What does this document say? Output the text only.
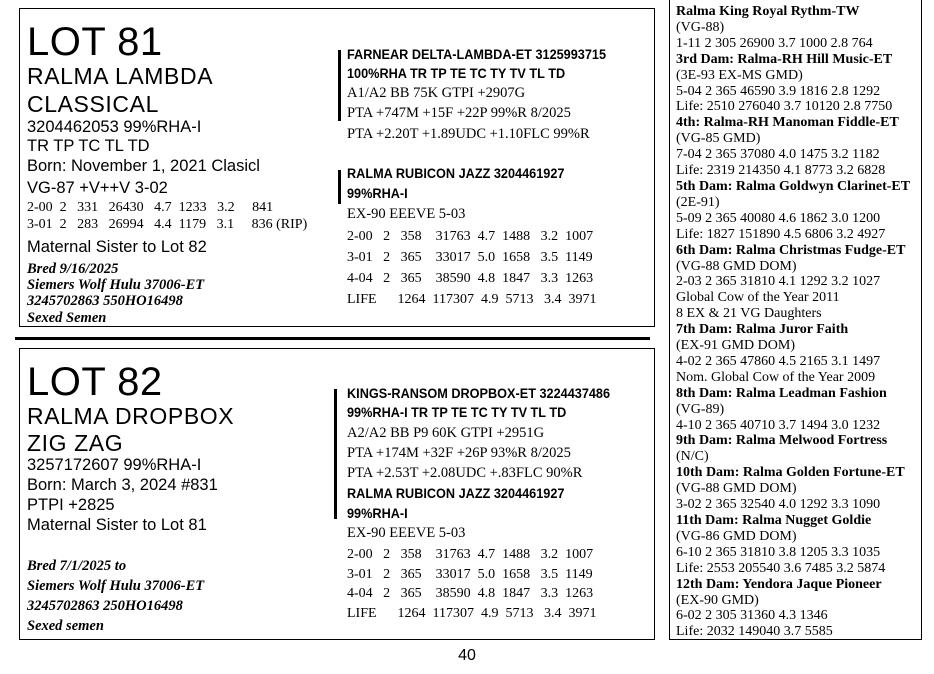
LOT 81
RALMA LAMBDA
CLASSICAL
3204462053 99%RHA-I
TR TP TC TL TD
Born: November 1, 2021 Clasicl
VG-87 +V++V 3-02
2-00  2   331   26430   4.7  1233   3.2     841
3-01  2   283   26994   4.4  1179   3.1     836 (RIP)
Maternal Sister to Lot 82
Bred 9/16/2025
Siemers Wolf Hulu 37006-ET
3245702863 550HO16498
Sexed Semen
FARNEAR DELTA-LAMBDA-ET 3125993715
100%RHA TR TP TE TC TY TV TL TD
A1/A2 BB 75K GTPI +2907G
PTA +747M +15F +22P 99%R 8/2025
PTA +2.20T +1.89UDC +1.10FLC 99%R
RALMA RUBICON JAZZ 3204461927
99%RHA-I
EX-90 EEEVE 5-03
2-00   2   358    31763  4.7  1488   3.2  1007
3-01   2   365    33017  5.0  1658   3.5  1149
4-04   2   365    38590  4.8  1847   3.3  1263
LIFE      1264  117307  4.9  5713   3.4  3971
LOT 82
RALMA DROPBOX
ZIG ZAG
3257172607 99%RHA-I
Born: March 3, 2024 #831
PTPI +2825
Maternal Sister to Lot 81
Bred 7/1/2025 to
Siemers Wolf Hulu 37006-ET
3245702863 250HO16498
Sexed semen
KINGS-RANSOM DROPBOX-ET 3224437486
99%RHA-I TR TP TE TC TY TV TL TD
A2/A2 BB P9 60K GTPI +2951G
PTA +174M +32F +26P 93%R 8/2025
PTA +2.53T +2.08UDC +.83FLC 90%R
RALMA RUBICON JAZZ 3204461927
99%RHA-I
EX-90 EEEVE 5-03
2-00   2   358    31763  4.7  1488   3.2  1007
3-01   2   365    33017  5.0  1658   3.5  1149
4-04   2   365    38590  4.8  1847   3.3  1263
LIFE      1264  117307  4.9  5713   3.4  3971
Ralma King Royal Rythm-TW
(VG-88)
1-11 2 305 26900 3.7 1000 2.8 764
3rd Dam: Ralma-RH Hill Music-ET
(3E-93 EX-MS GMD)
5-04 2 365 46590 3.9 1816 2.8 1292
Life: 2510 276040 3.7 10120 2.8 7750
4th: Ralma-RH Manoman Fiddle-ET
(VG-85 GMD)
7-04 2 365 37080 4.0 1475 3.2 1182
Life: 2319 214350 4.1 8773 3.2 6828
5th Dam: Ralma Goldwyn Clarinet-ET
(2E-91)
5-09 2 365 40080 4.6 1862 3.0 1200
Life: 1827 151890 4.5 6806 3.2 4927
6th Dam: Ralma Christmas Fudge-ET
(VG-88 GMD DOM)
2-03 2 365 31810 4.1 1292 3.2 1027
Global Cow of the Year 2011
8 EX & 21 VG Daughters
7th Dam: Ralma Juror Faith
(EX-91 GMD DOM)
4-02 2 365 47860 4.5 2165 3.1 1497
Nom. Global Cow of the Year 2009
8th Dam: Ralma Leadman Fashion
(VG-89)
4-10 2 365 40710 3.7 1494 3.0 1232
9th Dam: Ralma Melwood Fortress
(N/C)
10th Dam: Ralma Golden Fortune-ET
(VG-88 GMD DOM)
3-02 2 365 32540 4.0 1292 3.3 1090
11th Dam: Ralma Nugget Goldie
(VG-86 GMD DOM)
6-10 2 365 31810 3.8 1205 3.3 1035
Life: 2553 205540 3.6 7485 3.2 5874
12th Dam: Yendora Jaque Pioneer
(EX-90 GMD)
6-02 2 305 31360 4.3 1346
Life: 2032 149040 3.7 5585
40
